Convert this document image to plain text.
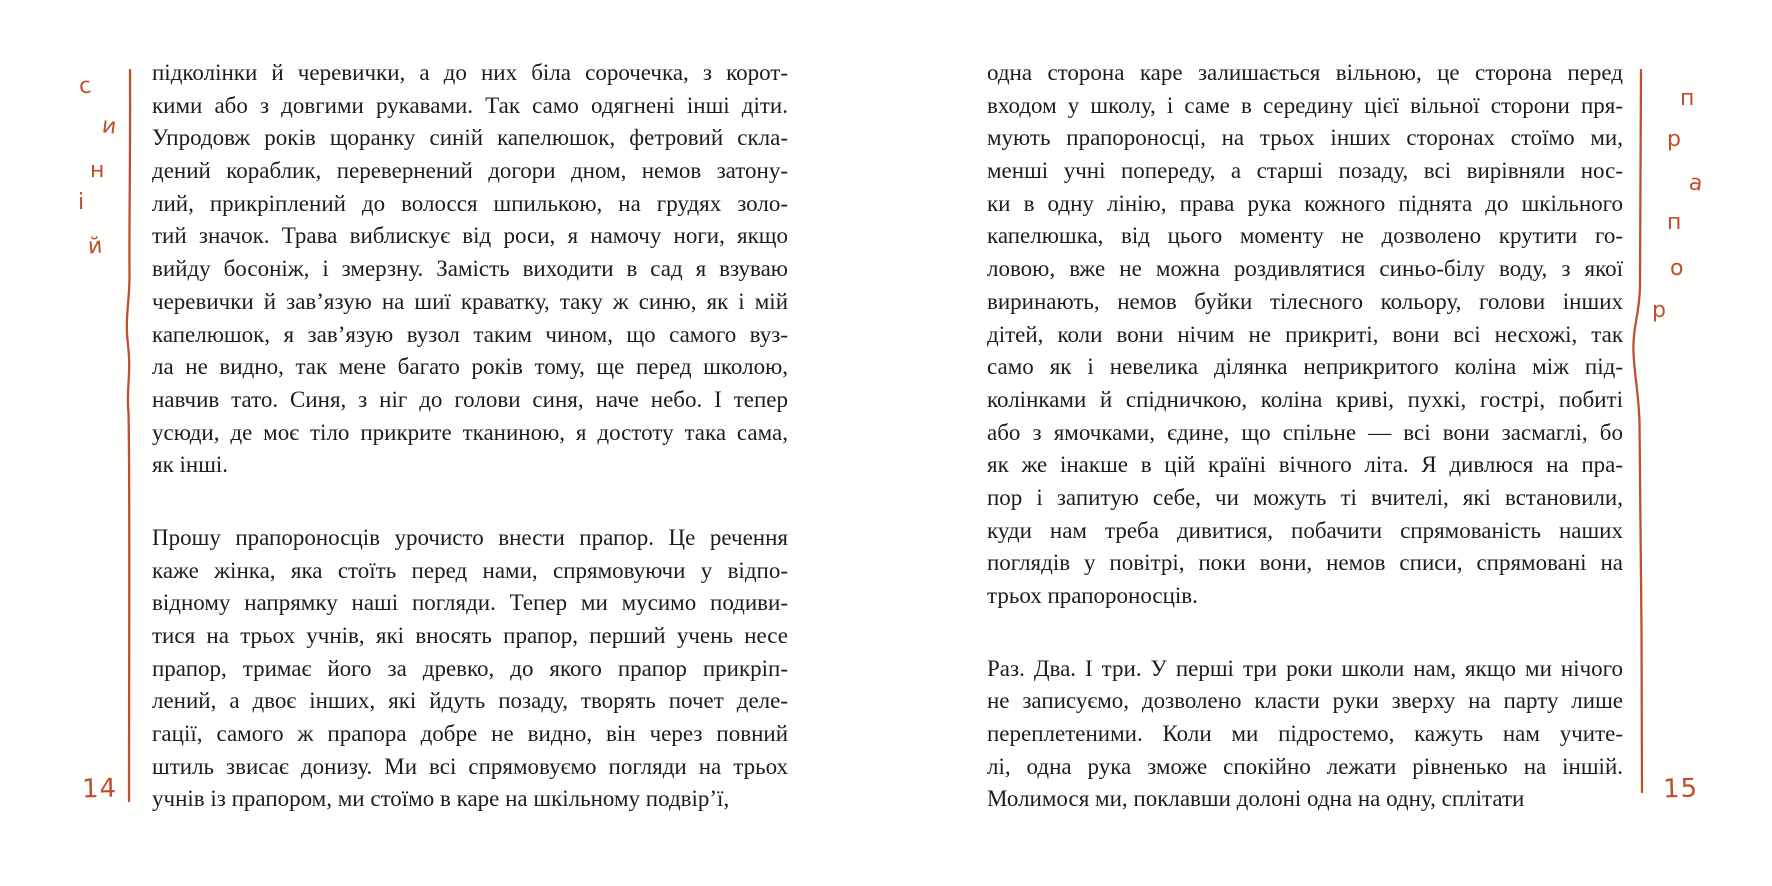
с
и
н
і
й
підколінки й черевички, а до них біла сорочечка, з корот-
кими або з довгими рукавами. Так само одягнені інші діти.
Упродовж років щоранку синій капелюшок, фетровий скла-
дений кораблик, перевернений догори дном, немов затону-
лий, прикріплений до волосся шпилькою, на грудях золо-
тий значок. Трава виблискує від роси, я намочу ноги, якщо
вийду босоніж, і змерзну. Замість виходити в сад я взуваю
черевички й зав’язую на шиї краватку, таку ж синю, як і мій
капелюшок, я зав’язую вузол таким чином, що самого вуз-
ла не видно, так мене багато років тому, ще перед школою,
навчив тато. Синя, з ніг до голови синя, наче небо. І тепер
усюди, де моє тіло прикрите тканиною, я достоту така сама,
як інші.
Прошу прапороносців урочисто внести прапор. Це речення
каже жінка, яка стоїть перед нами, спрямовуючи у відпо-
відному напрямку наші погляди. Тепер ми мусимо подиви-
тися на трьох учнів, які вносять прапор, перший учень несе
прапор, тримає його за древко, до якого прапор прикріп-
лений, а двоє інших, які йдуть позаду, творять почет деле-
гації, самого ж прапора добре не видно, він через повний
штиль звисає донизу. Ми всі спрямовуємо погляди на трьох
учнів із прапором, ми стоїмо в каре на шкільному подвір’ї,
14
п
р
а
п
о
р
одна сторона каре залишається вільною, це сторона перед
входом у школу, і саме в середину цієї вільної сторони пря-
мують прапороносці, на трьох інших сторонах стоїмо ми,
менші учні попереду, а старші позаду, всі вирівняли нос-
ки в одну лінію, права рука кожного піднята до шкільного
капелюшка, від цього моменту не дозволено крутити го-
ловою, вже не можна роздивлятися синьо-білу воду, з якої
виринають, немов буйки тілесного кольору, голови інших
дітей, коли вони нічим не прикриті, вони всі несхожі, так
само як і невелика ділянка неприкритого коліна між під-
колінками й спідничкою, коліна криві, пухкі, гострі, побиті
або з ямочками, єдине, що спільне — всі вони засмаглі, бо
як же інакше в цій країні вічного літа. Я дивлюся на пра-
пор і запитую себе, чи можуть ті вчителі, які встановили,
куди нам треба дивитися, побачити спрямованість наших
поглядів у повітрі, поки вони, немов списи, спрямовані на
трьох прапороносців.
Раз. Два. І три. У перші три роки школи нам, якщо ми нічого
не записуємо, дозволено класти руки зверху на парту лише
переплетеними. Коли ми підростемо, кажуть нам учите-
лі, одна рука зможе спокійно лежати рівненько на іншій.
Молимося ми, поклавши долоні одна на одну, сплітати	15
